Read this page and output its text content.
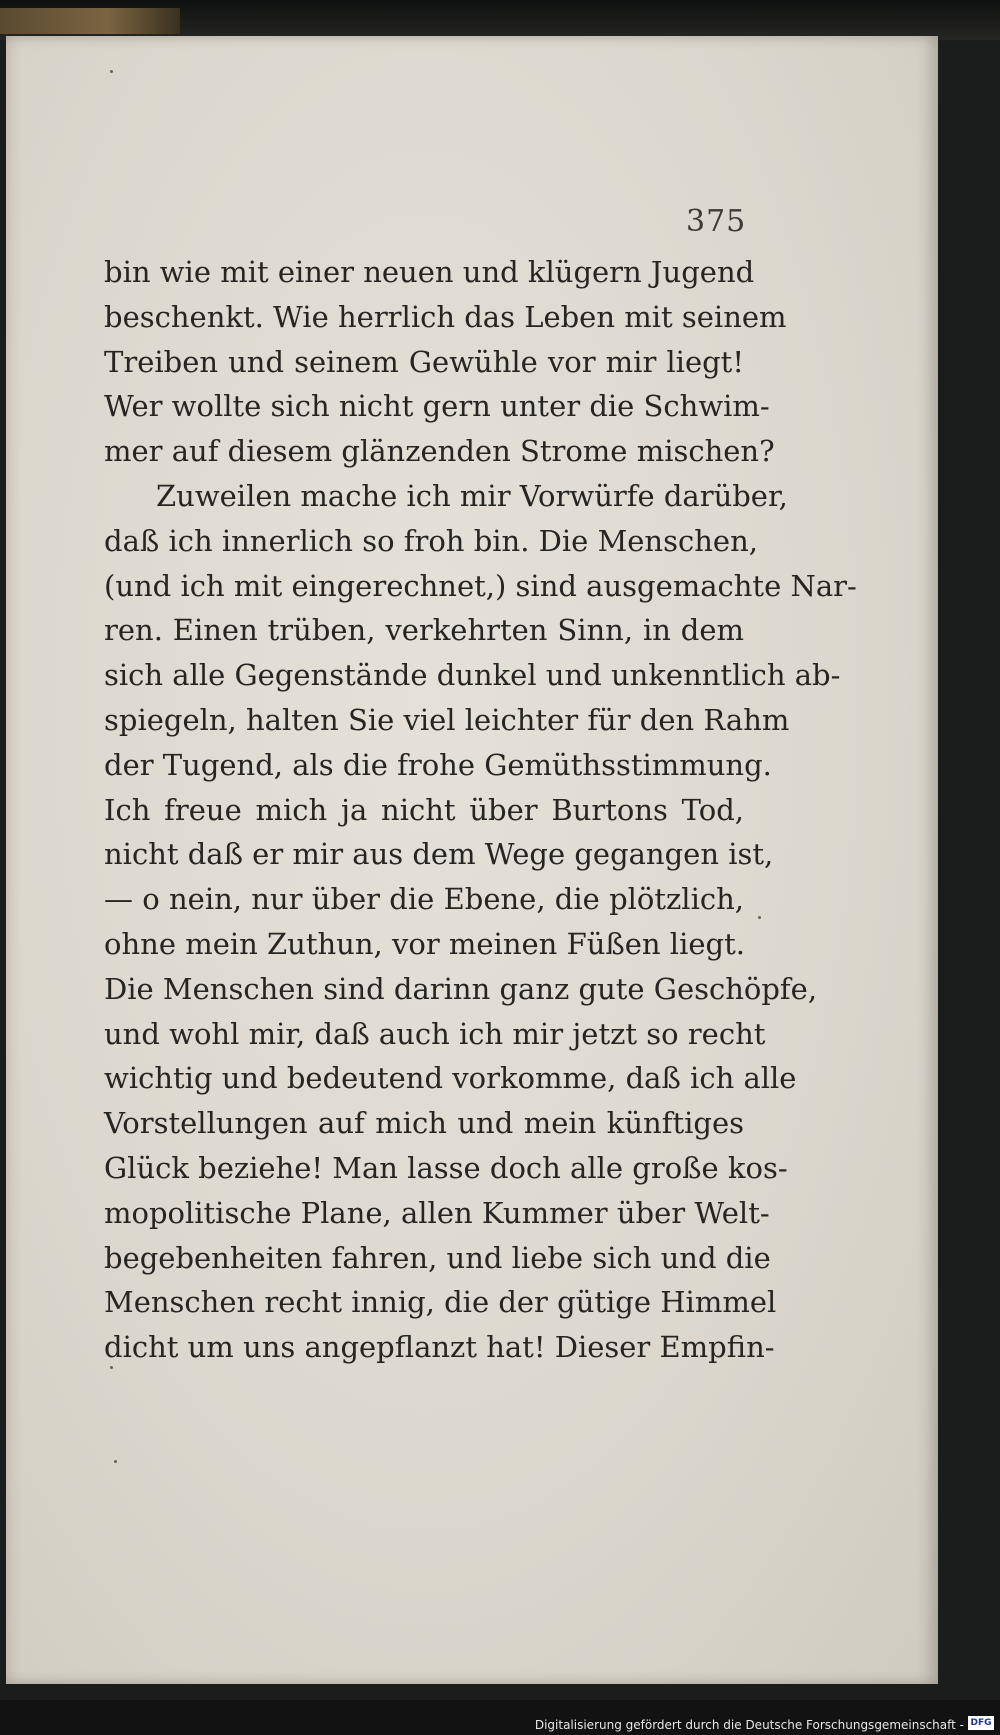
375
bin wie mit einer neuen und klügern Jugend
beschenkt. Wie herrlich das Leben mit seinem
Treiben und seinem Gewühle vor mir liegt!
Wer wollte sich nicht gern unter die Schwim-
mer auf diesem glänzenden Strome mischen?
Zuweilen mache ich mir Vorwürfe darüber,
daß ich innerlich so froh bin. Die Menschen,
(und ich mit eingerechnet,) sind ausgemachte Nar-
ren. Einen trüben, verkehrten Sinn, in dem
sich alle Gegenstände dunkel und unkenntlich ab-
spiegeln, halten Sie viel leichter für den Rahm
der Tugend, als die frohe Gemüthsstimmung.
Ich freue mich ja nicht über Burtons Tod,
nicht daß er mir aus dem Wege gegangen ist,
— o nein, nur über die Ebene, die plötzlich,
ohne mein Zuthun, vor meinen Füßen liegt.
Die Menschen sind darinn ganz gute Geschöpfe,
und wohl mir, daß auch ich mir jetzt so recht
wichtig und bedeutend vorkomme, daß ich alle
Vorstellungen auf mich und mein künftiges
Glück beziehe! Man lasse doch alle große kos-
mopolitische Plane, allen Kummer über Welt-
begebenheiten fahren, und liebe sich und die
Menschen recht innig, die der gütige Himmel
dicht um uns angepflanzt hat! Dieser Empfin-
Digitalisierung gefördert durch die Deutsche Forschungsgemeinschaft - DFG
